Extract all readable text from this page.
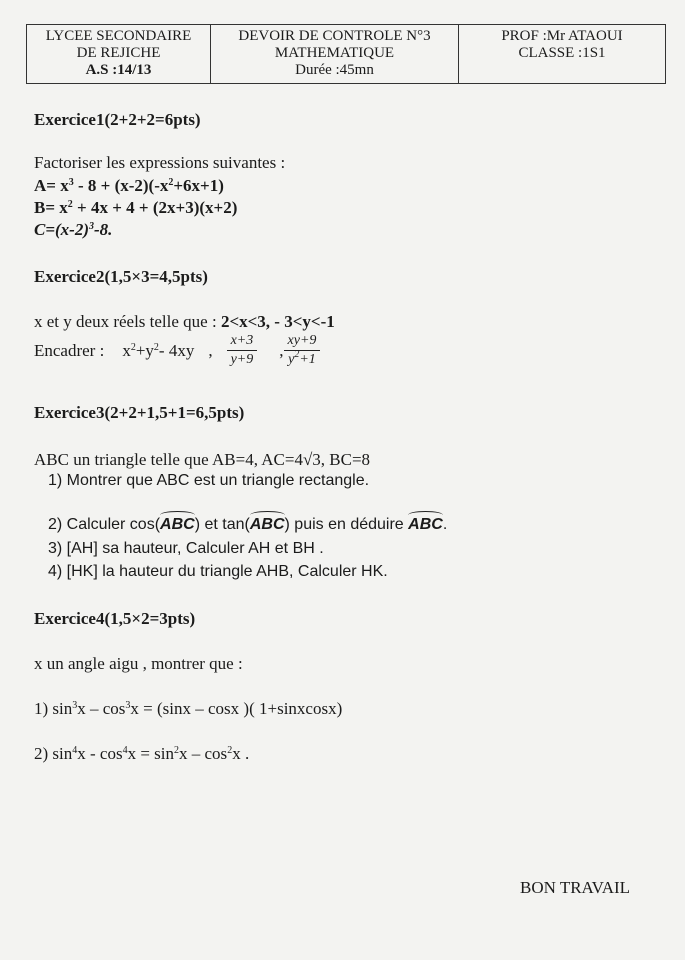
LYCEE SECONDAIRE
DE REJICHE
A.S :14/13
DEVOIR DE CONTROLE N°3
MATHEMATIQUE
Durée :45mn
PROF :Mr ATAOUI
CLASSE :1S1
Exercice1(2+2+2=6pts)
Factoriser les expressions suivantes :
$A= x^3 - 8 + (x-2)(-x^2+6x+1)$
$B= x^2 + 4x + 4 + (2x+3)(x+2)$
$C=(x-2)^3-8$.
Exercice2(1,5×3=4,5pts)
x et y deux réels telle que : 2<x<3, - 3<y<-1
Encadrer : $x^2+y^2-$ 4xy , $\frac{x+3}{y+9}$ , $\frac{xy+9}{y^2+1}$
Exercice3(2+2+1,5+1=6,5pts)
ABC un triangle telle que AB=4, AC=4√3, BC=8
1) Montrer que ABC est un triangle rectangle.
2) Calculer cos(ABC) et tan(ABC) puis en déduire ABC.
3) [AH] sa hauteur, Calculer AH et BH .
4) [HK] la hauteur du triangle AHB, Calculer HK.
Exercice4(1,5×2=3pts)
x un angle aigu , montrer que :
1) $\sin^3x - \cos^3x = (\sin x - \cos x$ )( 1+sinxcosx)
2) $\sin^4x - \cos^4x = \sin^2x - \cos^2x$ .
BON TRAVAIL
